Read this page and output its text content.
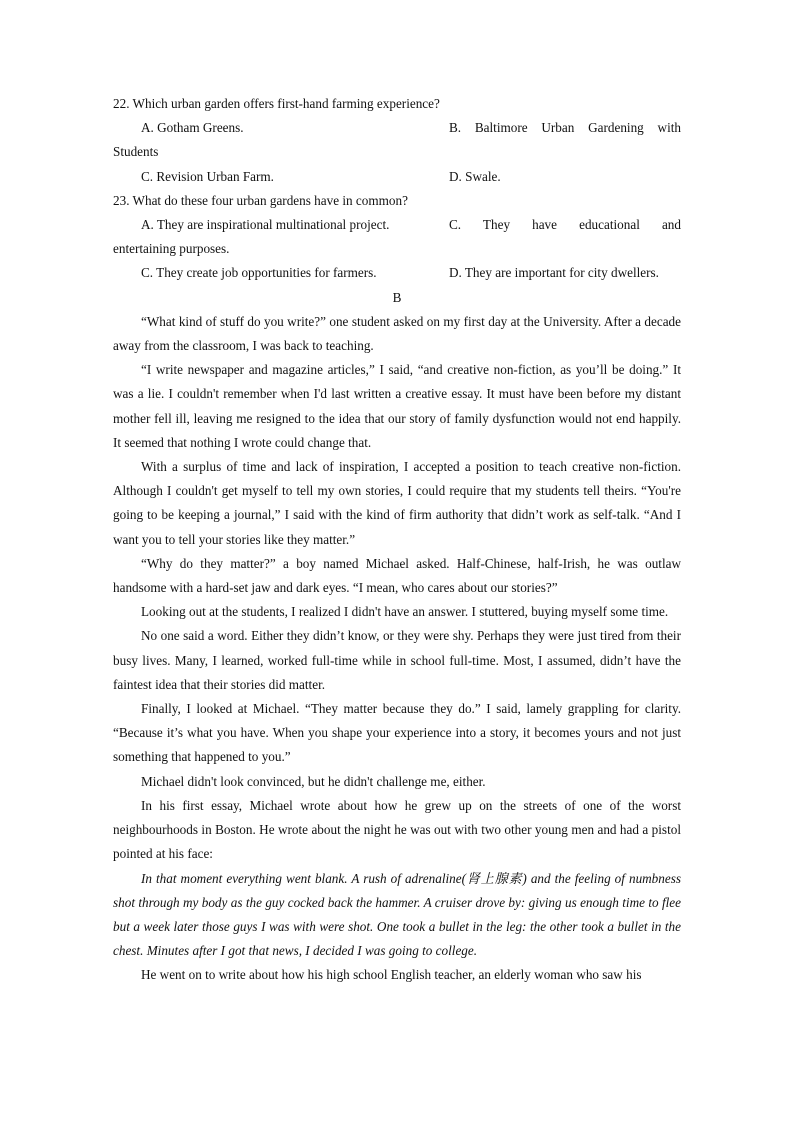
22. Which urban garden offers first-hand farming experience?
A. Gotham Greens.	B. Baltimore Urban Gardening with
Students
C. Revision Urban Farm.	D. Swale.
23. What do these four urban gardens have in common?
A. They are inspirational multinational project.	C. They have educational and
entertaining purposes.
C. They create job opportunities for farmers.	D. They are important for city dwellers.
B

“What kind of stuff do you write?” one student asked on my first day at the University. After a decade away from the classroom, I was back to teaching.

“I write newspaper and magazine articles,” I said, “and creative non-fiction, as you’ll be doing.” It was a lie. I couldn't remember when I'd last written a creative essay. It must have been before my distant mother fell ill, leaving me resigned to the idea that our story of family dysfunction would not end happily. It seemed that nothing I wrote could change that.

With a surplus of time and lack of inspiration, I accepted a position to teach creative non-fiction. Although I couldn't get myself to tell my own stories, I could require that my students tell theirs. “You're going to be keeping a journal,” I said with the kind of firm authority that didn’t work as self-talk. “And I want you to tell your stories like they matter.”

“Why do they matter?” a boy named Michael asked. Half-Chinese, half-Irish, he was outlaw handsome with a hard-set jaw and dark eyes. “I mean, who cares about our stories?”

Looking out at the students, I realized I didn't have an answer. I stuttered, buying myself some time.

No one said a word. Either they didn’t know, or they were shy. Perhaps they were just tired from their busy lives. Many, I learned, worked full-time while in school full-time. Most, I assumed, didn’t have the faintest idea that their stories did matter.

Finally, I looked at Michael. “They matter because they do.” I said, lamely grappling for clarity. “Because it’s what you have. When you shape your experience into a story, it becomes yours and not just something that happened to you.”

Michael didn't look convinced, but he didn't challenge me, either.

In his first essay, Michael wrote about how he grew up on the streets of one of the worst neighbourhoods in Boston. He wrote about the night he was out with two other young men and had a pistol pointed at his face:

In that moment everything went blank. A rush of adrenaline(肾上腺素) and the feeling of numbness shot through my body as the guy cocked back the hammer. A cruiser drove by: giving us enough time to flee but a week later those guys I was with were shot. One took a bullet in the leg: the other took a bullet in the chest. Minutes after I got that news, I decided I was going to college.

He went on to write about how his high school English teacher, an elderly woman who saw his
